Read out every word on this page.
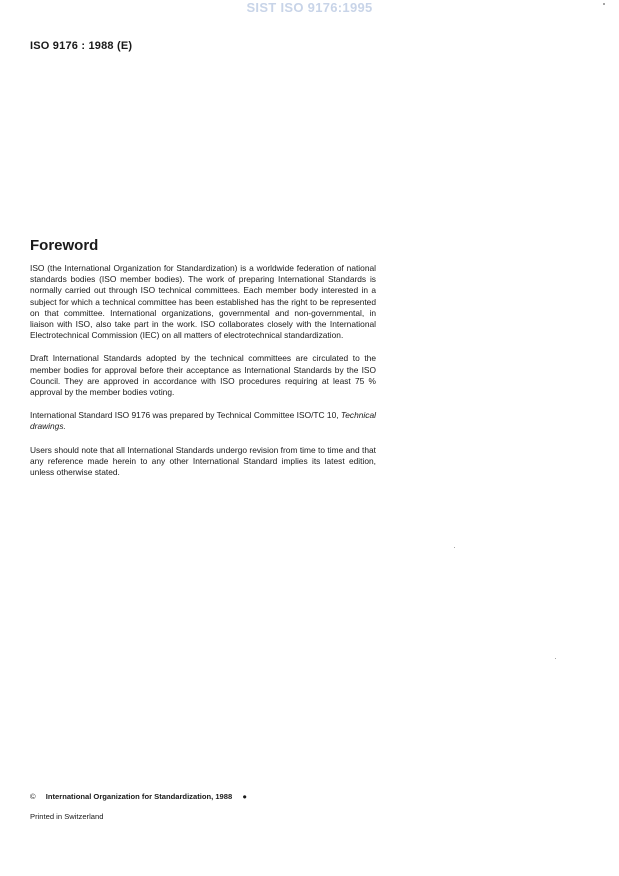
SIST ISO 9176:1995
ISO 9176 : 1988 (E)
Foreword

ISO (the International Organization for Standardization) is a worldwide federation of national standards bodies (ISO member bodies). The work of preparing International Standards is normally carried out through ISO technical committees. Each member body interested in a subject for which a technical committee has been established has the right to be represented on that committee. International organizations, governmental and non-governmental, in liaison with ISO, also take part in the work. ISO collaborates closely with the International Electrotechnical Commission (IEC) on all matters of electrotechnical standardization.

Draft International Standards adopted by the technical committees are circulated to the member bodies for approval before their acceptance as International Standards by the ISO Council. They are approved in accordance with ISO procedures requiring at least 75 % approval by the member bodies voting.

International Standard ISO 9176 was prepared by Technical Committee ISO/TC 10, Technical drawings.

Users should note that all International Standards undergo revision from time to time and that any reference made herein to any other International Standard implies its latest edition, unless otherwise stated.

© International Organization for Standardization, 1988 ●
Printed in Switzerland
